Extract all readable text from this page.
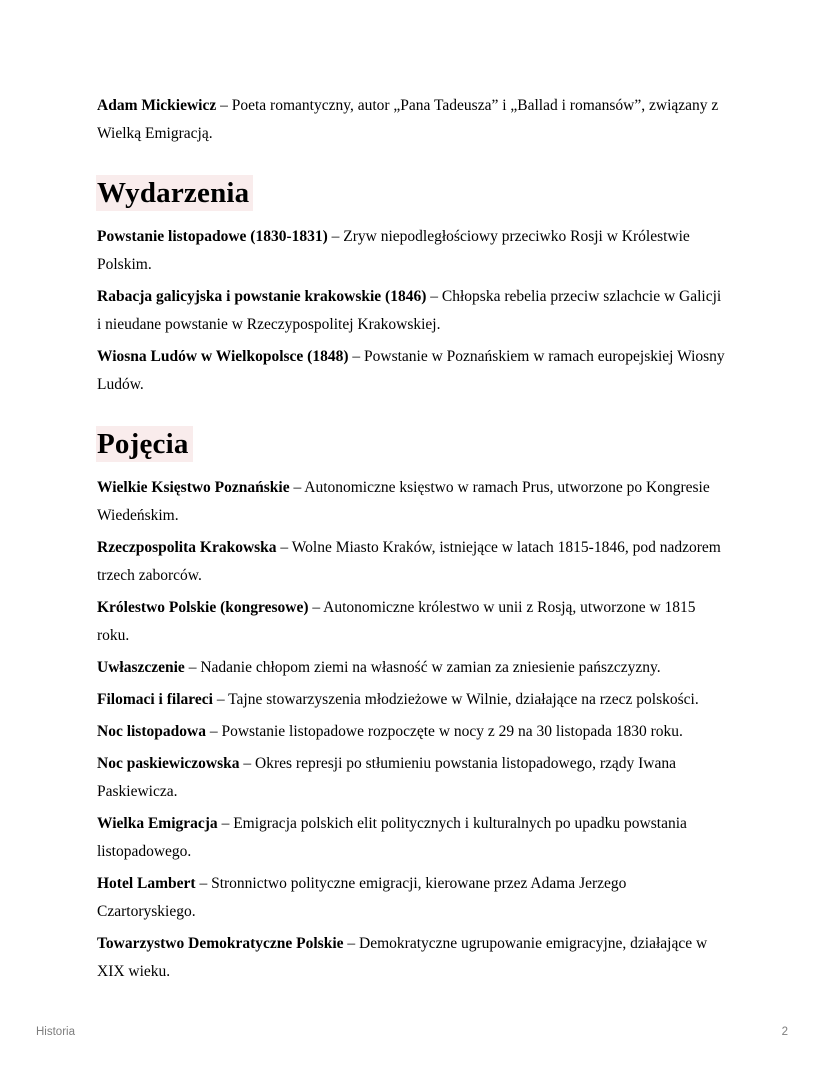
Adam Mickiewicz – Poeta romantyczny, autor „Pana Tadeusza” i „Ballad i romansów”, związany z Wielką Emigracją.

Wydarzenia

Powstanie listopadowe (1830-1831) – Zryw niepodległościowy przeciwko Rosji w Królestwie Polskim.

Rabacja galicyjska i powstanie krakowskie (1846) – Chłopska rebelia przeciw szlachcie w Galicji i nieudane powstanie w Rzeczypospolitej Krakowskiej.

Wiosna Ludów w Wielkopolsce (1848) – Powstanie w Poznańskiem w ramach europejskiej Wiosny Ludów.

Pojęcia

Wielkie Księstwo Poznańskie – Autonomiczne księstwo w ramach Prus, utworzone po Kongresie Wiedeńskim.

Rzeczpospolita Krakowska – Wolne Miasto Kraków, istniejące w latach 1815-1846, pod nadzorem trzech zaborców.

Królestwo Polskie (kongresowe) – Autonomiczne królestwo w unii z Rosją, utworzone w 1815 roku.

Uwłaszczenie – Nadanie chłopom ziemi na własność w zamian za zniesienie pańszczyzny.

Filomaci i filareci – Tajne stowarzyszenia młodzieżowe w Wilnie, działające na rzecz polskości.

Noc listopadowa – Powstanie listopadowe rozpoczęte w nocy z 29 na 30 listopada 1830 roku.

Noc paskiewiczowska – Okres represji po stłumieniu powstania listopadowego, rządy Iwana Paskiewicza.

Wielka Emigracja – Emigracja polskich elit politycznych i kulturalnych po upadku powstania listopadowego.

Hotel Lambert – Stronnictwo polityczne emigracji, kierowane przez Adama Jerzego Czartoryskiego.

Towarzystwo Demokratyczne Polskie – Demokratyczne ugrupowanie emigracyjne, działające w XIX wieku.

Historia	2
